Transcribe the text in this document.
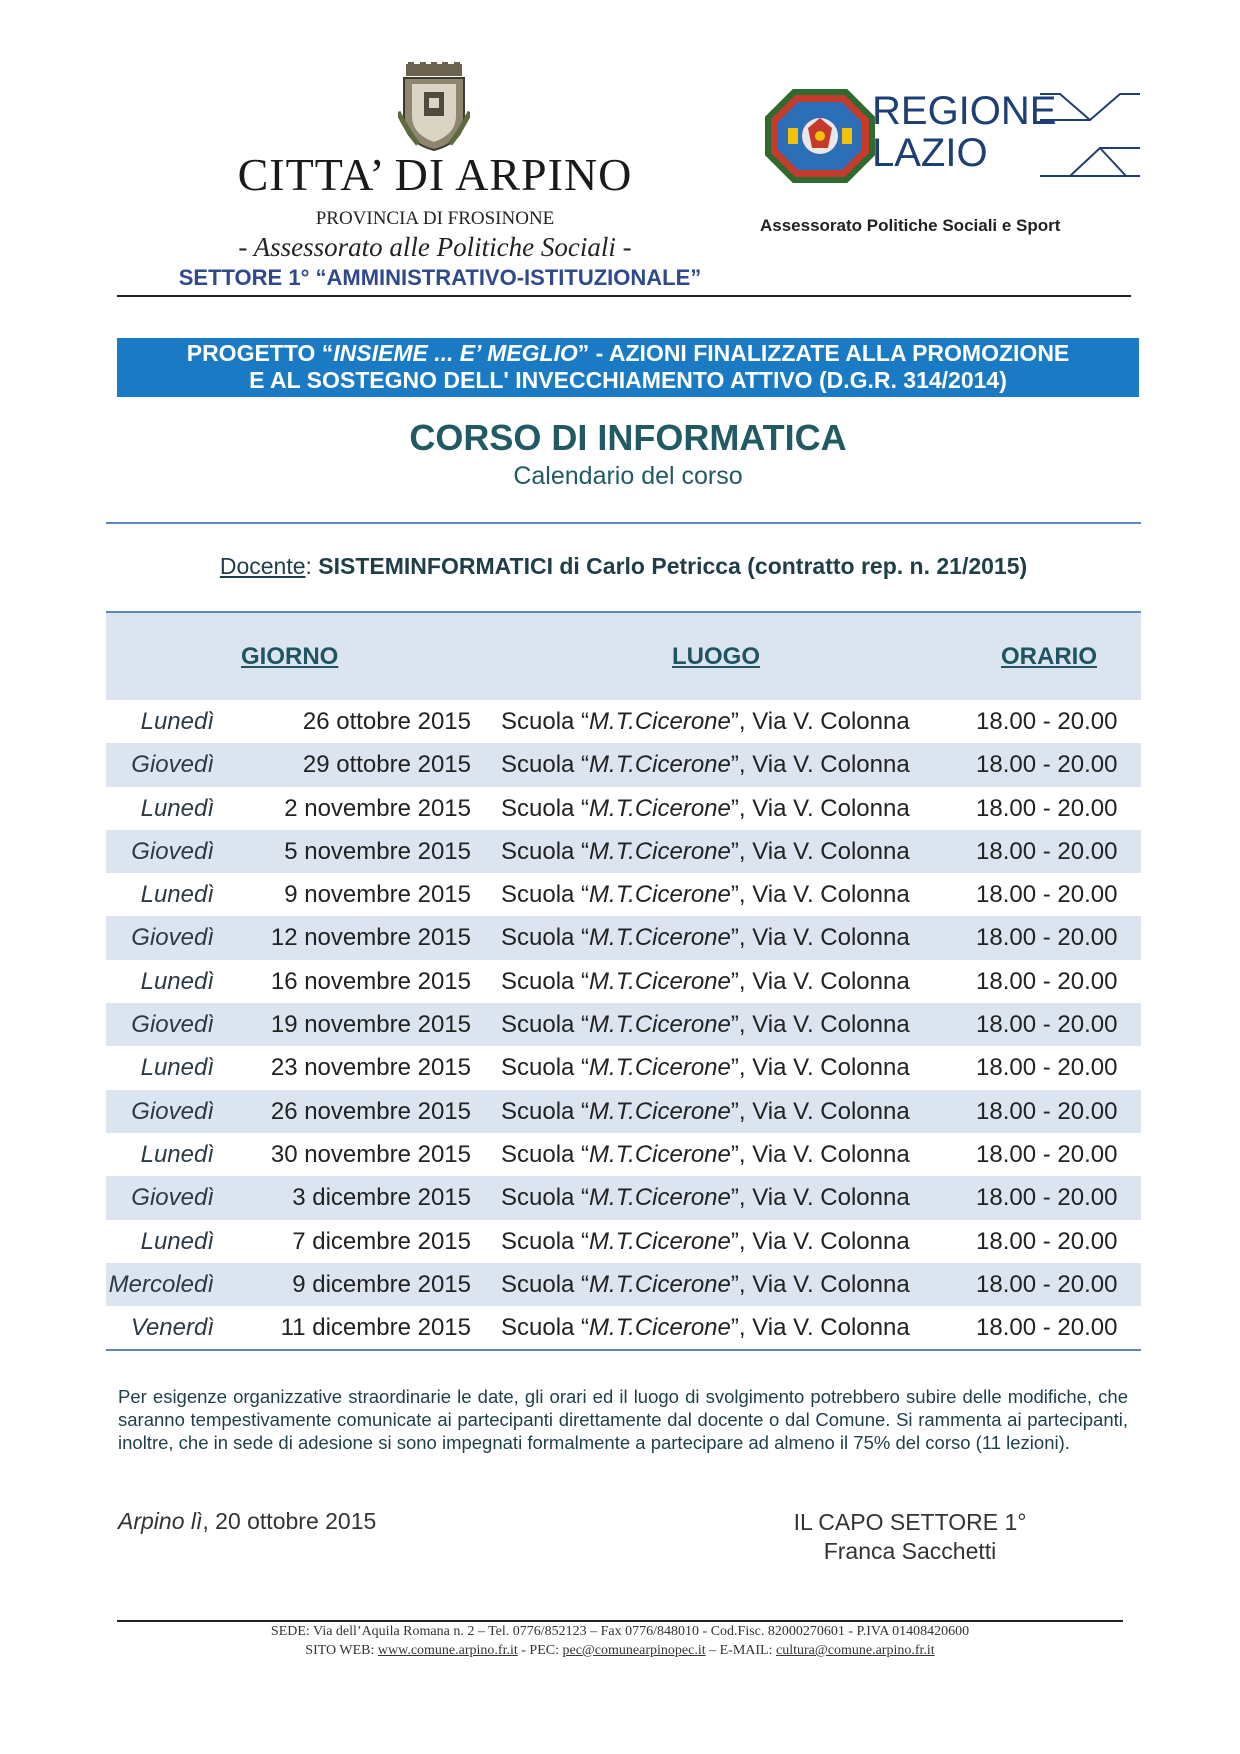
CITTA’ DI ARPINO
PROVINCIA DI FROSINONE
- Assessorato alle Politiche Sociali -
SETTORE 1° “AMMINISTRATIVO-ISTITUZIONALE”
REGIONE
LAZIO
Assessorato Politiche Sociali e Sport
PROGETTO “INSIEME ... E’ MEGLIO” - AZIONI FINALIZZATE ALLA PROMOZIONE
E AL SOSTEGNO DELL' INVECCHIAMENTO ATTIVO (D.G.R. 314/2014)
CORSO DI INFORMATICA
Calendario del corso
Docente: SISTEMINFORMATICI di Carlo Petricca (contratto rep. n. 21/2015)
GIORNO	LUOGO	ORARIO
Lunedì	26 ottobre 2015 Scuola “M.T.Cicerone”, Via V. Colonna	18.00 - 20.00
Giovedì	29 ottobre 2015 Scuola “M.T.Cicerone”, Via V. Colonna	18.00 - 20.00
Lunedì	2 novembre 2015 Scuola “M.T.Cicerone”, Via V. Colonna	18.00 - 20.00
Giovedì	5 novembre 2015 Scuola “M.T.Cicerone”, Via V. Colonna	18.00 - 20.00
Lunedì	9 novembre 2015 Scuola “M.T.Cicerone”, Via V. Colonna	18.00 - 20.00
Giovedì	12 novembre 2015 Scuola “M.T.Cicerone”, Via V. Colonna	18.00 - 20.00
Lunedì	16 novembre 2015 Scuola “M.T.Cicerone”, Via V. Colonna	18.00 - 20.00
Giovedì	19 novembre 2015 Scuola “M.T.Cicerone”, Via V. Colonna	18.00 - 20.00
Lunedì	23 novembre 2015 Scuola “M.T.Cicerone”, Via V. Colonna	18.00 - 20.00
Giovedì	26 novembre 2015 Scuola “M.T.Cicerone”, Via V. Colonna	18.00 - 20.00
Lunedì	30 novembre 2015 Scuola “M.T.Cicerone”, Via V. Colonna	18.00 - 20.00
Giovedì	3 dicembre 2015 Scuola “M.T.Cicerone”, Via V. Colonna	18.00 - 20.00
Lunedì	7 dicembre 2015 Scuola “M.T.Cicerone”, Via V. Colonna	18.00 - 20.00
Mercoledì	9 dicembre 2015 Scuola “M.T.Cicerone”, Via V. Colonna	18.00 - 20.00
Venerdì	11 dicembre 2015 Scuola “M.T.Cicerone”, Via V. Colonna	18.00 - 20.00
Per esigenze organizzative straordinarie le date, gli orari ed il luogo di svolgimento potrebbero subire delle modifiche, che saranno tempestivamente comunicate ai partecipanti direttamente dal docente o dal Comune. Si rammenta ai partecipanti, inoltre, che in sede di adesione si sono impegnati formalmente a partecipare ad almeno il 75% del corso (11 lezioni).
Arpino lì, 20 ottobre 2015	IL CAPO SETTORE 1°
Franca Sacchetti
SEDE: Via dell’Aquila Romana n. 2 – Tel. 0776/852123 – Fax 0776/848010 - Cod.Fisc. 82000270601 - P.IVA 01408420600
SITO WEB: www.comune.arpino.fr.it - PEC: pec@comunearpinopec.it – E-MAIL: cultura@comune.arpino.fr.it
